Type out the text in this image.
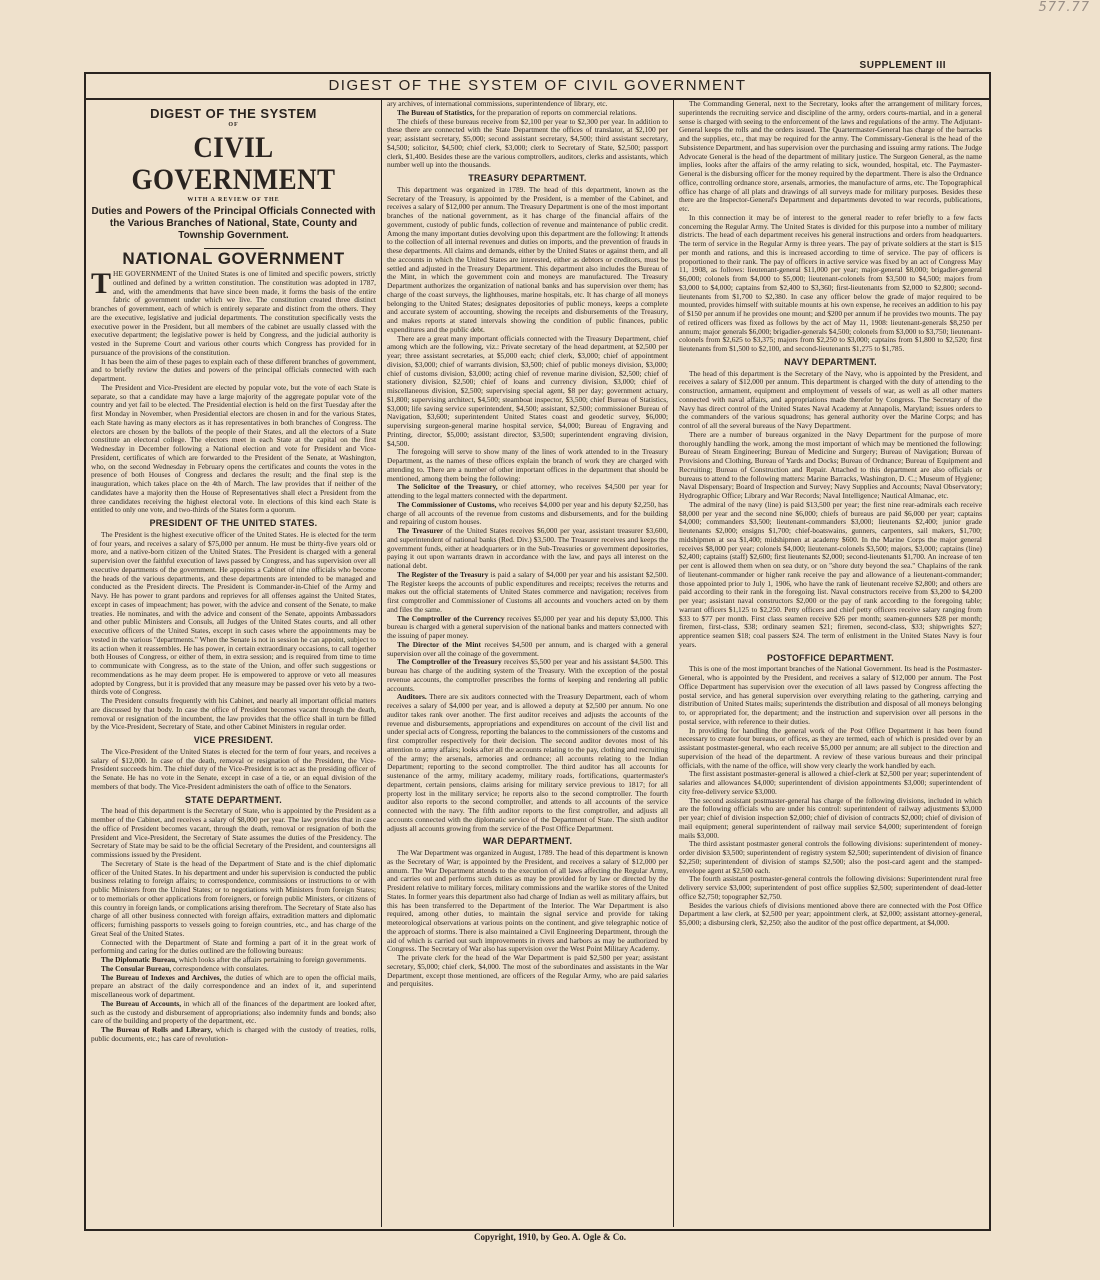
577.77
SUPPLEMENT III
DIGEST OF THE SYSTEM OF CIVIL GOVERNMENT
DIGEST OF THE SYSTEM
OF
CIVIL GOVERNMENT
WITH A REVIEW OF THE
Duties and Powers of the Principal Officials Connected with the Various Branches of National, State, County and Township Government.
NATIONAL GOVERNMENT

THE GOVERNMENT of the United States is one of limited and specific powers, strictly outlined and defined by a written constitution. The constitution was adopted in 1787, and, with the amendments that have since been made, it forms the basis of the entire fabric of government under which we live. The constitution created three distinct branches of government, each of which is entirely separate and distinct from the others. They are the executive, legislative and judicial departments. The constitution specifically vests the executive power in the President, but all members of the cabinet are usually classed with the executive department; the legislative power is held by Congress, and the judicial authority is vested in the Supreme Court and various other courts which Congress has provided for in pursuance of the provisions of the constitution.

It has been the aim of these pages to explain each of these different branches of government, and to briefly review the duties and powers of the principal officials connected with each department.

The President and Vice-President are elected by popular vote, but the vote of each State is separate, so that a candidate may have a large majority of the aggregate popular vote of the country and yet fail to be elected. The Presidential election is held on the first Tuesday after the first Monday in November, when Presidential electors are chosen in and for the various States, each State having as many electors as it has representatives in both branches of Congress. The electors are chosen by the ballots of the people of their States, and all the electors of a State constitute an electoral college. The electors meet in each State at the capital on the first Wednesday in December following a National election and vote for President and Vice-President, certificates of which are forwarded to the President of the Senate, at Washington, who, on the second Wednesday in February opens the certificates and counts the votes in the presence of both Houses of Congress and declares the result; and the final step is the inauguration, which takes place on the 4th of March. The law provides that if neither of the candidates have a majority then the House of Representatives shall elect a President from the three candidates receiving the highest electoral vote. In elections of this kind each State is entitled to only one vote, and two-thirds of the States form a quorum.

PRESIDENT OF THE UNITED STATES.

The President is the highest executive officer of the United States. He is elected for the term of four years, and receives a salary of $75,000 per annum. He must be thirty-five years old or more, and a native-born citizen of the United States. The President is charged with a general supervision over the faithful execution of laws passed by Congress, and has supervision over all executive departments of the government. He appoints a Cabinet of nine officials who become the heads of the various departments, and these departments are intended to be managed and conducted as the President directs. The President is Commander-in-Chief of the Army and Navy. He has power to grant pardons and reprieves for all offenses against the United States, except in cases of impeachment; has power, with the advice and consent of the Senate, to make treaties. He nominates, and with the advice and consent of the Senate, appoints Ambassadors and other public Ministers and Consuls, all Judges of the United States courts, and all other executive officers of the United States, except in such cases where the appointments may be vested in the various "departments." When the Senate is not in session he can appoint, subject to its action when it reassembles. He has power, in certain extraordinary occasions, to call together both Houses of Congress, or either of them, in extra session; and is required from time to time to communicate with Congress, as to the state of the Union, and offer such suggestions or recommendations as he may deem proper. He is empowered to approve or veto all measures adopted by Congress, but it is provided that any measure may be passed over his veto by a two-thirds vote of Congress.

The President consults frequently with his Cabinet, and nearly all important official matters are discussed by that body. In case the office of President becomes vacant through the death, removal or resignation of the incumbent, the law provides that the office shall in turn be filled by the Vice-President, Secretary of State, and other Cabinet Ministers in regular order.

VICE PRESIDENT.

The Vice-President of the United States is elected for the term of four years, and receives a salary of $12,000. In case of the death, removal or resignation of the President, the Vice-President succeeds him. The chief duty of the Vice-President is to act as the presiding officer of the Senate. He has no vote in the Senate, except in case of a tie, or an equal division of the members of that body. The Vice-President administers the oath of office to the Senators.

STATE DEPARTMENT.

The head of this department is the Secretary of State, who is appointed by the President as a member of the Cabinet, and receives a salary of $8,000 per year. The law provides that in case the office of President becomes vacant, through the death, removal or resignation of both the President and Vice-President, the Secretary of State assumes the duties of the Presidency. The Secretary of State may be said to be the official Secretary of the President, and countersigns all commissions issued by the President.

The Secretary of State is the head of the Department of State and is the chief diplomatic officer of the United States. In his department and under his supervision is conducted the public business relating to foreign affairs; to correspondence, commissions or instructions to or with public Ministers from the United States; or to negotiations with Ministers from foreign States; or to memorials or other applications from foreigners, or foreign public Ministers, or citizens of this country in foreign lands, or complications arising therefrom. The Secretary of State also has charge of all other business connected with foreign affairs, extradition matters and diplomatic officers; furnishing passports to vessels going to foreign countries, etc., and has charge of the Great Seal of the United States.

Connected with the Department of State and forming a part of it in the great work of performing and caring for the duties outlined are the following bureaus:

The Diplomatic Bureau, which looks after the affairs pertaining to foreign governments.

The Consular Bureau, correspondence with consulates.

The Bureau of Indexes and Archives, the duties of which are to open the official mails, prepare an abstract of the daily correspondence and an index of it, and superintend miscellaneous work of department.

The Bureau of Accounts, in which all of the finances of the department are looked after, such as the custody and disbursement of appropriations; also indemnity funds and bonds; also care of the building and property of the department, etc.

The Bureau of Rolls and Library, which is charged with the custody of treaties, rolls, public documents, etc.; has care of revolution-

ary archives, of international commissions, superintendence of library, etc.

The Bureau of Statistics, for the preparation of reports on commercial relations.

The chiefs of these bureaus receive from $2,100 per year to $2,300 per year. In addition to these there are connected with the State Department the offices of translator, at $2,100 per year; assistant secretary, $5,000; second assistant secretary, $4,500; third assistant secretary, $4,500; solicitor, $4,500; chief clerk, $3,000; clerk to Secretary of State, $2,500; passport clerk, $1,400. Besides these are the various comptrollers, auditors, clerks and assistants, which number well up into the thousands.

TREASURY DEPARTMENT.

This department was organized in 1789. The head of this department, known as the Secretary of the Treasury, is appointed by the President, is a member of the Cabinet, and receives a salary of $12,000 per annum. The Treasury Department is one of the most important branches of the national government, as it has charge of the financial affairs of the government, custody of public funds, collection of revenue and maintenance of public credit. Among the many important duties devolving upon this department are the following: It attends to the collection of all internal revenues and duties on imports, and the prevention of frauds in these departments. All claims and demands, either by the United States or against them, and all the accounts in which the United States are interested, either as debtors or creditors, must be settled and adjusted in the Treasury Department. This department also includes the Bureau of the Mint, in which the government coin and moneys are manufactured. The Treasury Department authorizes the organization of national banks and has supervision over them; has charge of the coast surveys, the lighthouses, marine hospitals, etc. It has charge of all moneys belonging to the United States; designates depositories of public moneys, keeps a complete and accurate system of accounting, showing the receipts and disbursements of the Treasury, and makes reports at stated intervals showing the condition of public finances, public expenditures and the public debt.

There are a great many important officials connected with the Treasury Department, chief among which are the following, viz.: Private secretary of the head department, at $2,500 per year; three assistant secretaries, at $5,000 each; chief clerk, $3,000; chief of appointment division, $3,000; chief of warrants division, $3,500; chief of public moneys division, $3,000; chief of customs division, $3,000; acting chief of revenue marine division, $2,500; chief of stationery division, $2,500; chief of loans and currency division, $3,000; chief of miscellaneous division, $2,500; supervising special agent, $8 per day; government actuary, $1,800; supervising architect, $4,500; steamboat inspector, $3,500; chief Bureau of Statistics, $3,000; life saving service superintendent, $4,500; assistant, $2,500; commissioner Bureau of Navigation, $3,600; superintendent United States coast and geodetic survey, $6,000; supervising surgeon-general marine hospital service, $4,000; Bureau of Engraving and Printing, director, $5,000; assistant director, $3,500; superintendent engraving division, $4,500.

The foregoing will serve to show many of the lines of work attended to in the Treasury Department, as the names of these offices explain the branch of work they are charged with attending to. There are a number of other important offices in the department that should be mentioned, among them being the following:

The Solicitor of the Treasury, or chief attorney, who receives $4,500 per year for attending to the legal matters connected with the department.

The Commissioner of Customs, who receives $4,000 per year and his deputy $2,250, has charge of all accounts of the revenue from customs and disbursements, and for the building and repairing of custom houses.

The Treasurer of the United States receives $6,000 per year, assistant treasurer $3,600, and superintendent of national banks (Red. Div.) $3,500. The Treasurer receives and keeps the government funds, either at headquarters or in the Sub-Treasuries or government depositories, paying it out upon warrants drawn in accordance with the law, and pays all interest on the national debt.

The Register of the Treasury is paid a salary of $4,000 per year and his assistant $2,500. The Register keeps the accounts of public expenditures and receipts; receives the returns and makes out the official statements of United States commerce and navigation; receives from first comptroller and Commissioner of Customs all accounts and vouchers acted on by them and files the same.

The Comptroller of the Currency receives $5,000 per year and his deputy $3,000. This bureau is charged with a general supervision of the national banks and matters connected with the issuing of paper money.

The Director of the Mint receives $4,500 per annum, and is charged with a general supervision over all the coinage of the government.

The Comptroller of the Treasury receives $5,500 per year and his assistant $4,500. This bureau has charge of the auditing system of the Treasury. With the exception of the postal revenue accounts, the comptroller prescribes the forms of keeping and rendering all public accounts.

Auditors. There are six auditors connected with the Treasury Department, each of whom receives a salary of $4,000 per year, and is allowed a deputy at $2,500 per annum. No one auditor takes rank over another. The first auditor receives and adjusts the accounts of the revenue and disbursements, appropriations and expenditures on account of the civil list and under special acts of Congress, reporting the balances to the commissioners of the customs and first comptroller respectively for their decision. The second auditor devotes most of his attention to army affairs; looks after all the accounts relating to the pay, clothing and recruiting of the army; the arsenals, armories and ordnance; all accounts relating to the Indian Department; reporting to the second comptroller. The third auditor has all accounts for sustenance of the army, military academy, military roads, fortifications, quartermaster's department, certain pensions, claims arising for military service previous to 1817; for all property lost in the military service; he reports also to the second comptroller. The fourth auditor also reports to the second comptroller, and attends to all accounts of the service connected with the navy. The fifth auditor reports to the first comptroller, and adjusts all accounts connected with the diplomatic service of the Department of State. The sixth auditor adjusts all accounts growing from the service of the Post Office Department.

WAR DEPARTMENT.

The War Department was organized in August, 1789. The head of this department is known as the Secretary of War; is appointed by the President, and receives a salary of $12,000 per annum. The War Department attends to the execution of all laws affecting the Regular Army, and carries out and performs such duties as may be provided for by law or directed by the President relative to military forces, military commissions and the warlike stores of the United States. In former years this department also had charge of Indian as well as military affairs, but this has been transferred to the Department of the Interior. The War Department is also required, among other duties, to maintain the signal service and provide for taking meteorological observations at various points on the continent, and give telegraphic notice of the approach of storms. There is also maintained a Civil Engineering Department, through the aid of which is carried out such improvements in rivers and harbors as may be authorized by Congress. The Secretary of War also has supervision over the West Point Military Academy.

The private clerk for the head of the War Department is paid $2,500 per year; assistant secretary, $5,000; chief clerk, $4,000. The most of the subordinates and assistants in the War Department, except those mentioned, are officers of the Regular Army, who are paid salaries and perquisites.

The Commanding General, next to the Secretary, looks after the arrangement of military forces, superintends the recruiting service and discipline of the army, orders courts-martial, and in a general sense is charged with seeing to the enforcement of the laws and regulations of the army. The Adjutant-General keeps the rolls and the orders issued. The Quartermaster-General has charge of the barracks and the supplies, etc., that may be required for the army. The Commissary-General is the head of the Subsistence Department, and has supervision over the purchasing and issuing army rations. The Judge Advocate General is the head of the department of military justice. The Surgeon General, as the name implies, looks after the affairs of the army relating to sick, wounded, hospital, etc. The Paymaster-General is the disbursing officer for the money required by the department. There is also the Ordnance office, controlling ordnance store, arsenals, armories, the manufacture of arms, etc. The Topographical office has charge of all plats and drawings of all surveys made for military purposes. Besides these there are the Inspector-General's Department and departments devoted to war records, publications, etc.

In this connection it may be of interest to the general reader to refer briefly to a few facts concerning the Regular Army. The United States is divided for this purpose into a number of military districts. The head of each department receives his general instructions and orders from headquarters. The term of service in the Regular Army is three years. The pay of private soldiers at the start is $15 per month and rations, and this is increased according to time of service. The pay of officers is proportioned to their rank. The pay of officers in active service was fixed by an act of Congress May 11, 1908, as follows: lieutenant-general $11,000 per year; major-general $8,000; brigadier-general $6,000; colonels from $4,000 to $5,000; lieutenant-colonels from $3,500 to $4,500; majors from $3,000 to $4,000; captains from $2,400 to $3,360; first-lieutenants from $2,000 to $2,800; second-lieutenants from $1,700 to $2,380. In case any officer below the grade of major required to be mounted, provides himself with suitable mounts at his own expense, he receives an addition to his pay of $150 per annum if he provides one mount; and $200 per annum if he provides two mounts. The pay of retired officers was fixed as follows by the act of May 11, 1908: lieutenant-generals $8,250 per annum; major generals $6,000; brigadier-generals $4,500; colonels from $3,000 to $3,750; lieutenant-colonels from $2,625 to $3,375; majors from $2,250 to $3,000; captains from $1,800 to $2,520; first lieutenants from $1,500 to $2,100, and second-lieutenants $1,275 to $1,785.

NAVY DEPARTMENT.

The head of this department is the Secretary of the Navy, who is appointed by the President, and receives a salary of $12,000 per annum. This department is charged with the duty of attending to the construction, armament, equipment and employment of vessels of war, as well as all other matters connected with naval affairs, and appropriations made therefor by Congress. The Secretary of the Navy has direct control of the United States Naval Academy at Annapolis, Maryland; issues orders to the commanders of the various squadrons; has general authority over the Marine Corps; and has control of all the several bureaus of the Navy Department.

There are a number of bureaus organized in the Navy Department for the purpose of more thoroughly handling the work, among the most important of which may be mentioned the following: Bureau of Steam Engineering; Bureau of Medicine and Surgery; Bureau of Navigation; Bureau of Provisions and Clothing, Bureau of Yards and Docks; Bureau of Ordnance; Bureau of Equipment and Recruiting; Bureau of Construction and Repair. Attached to this department are also officials or bureaus to attend to the following matters: Marine Barracks, Washington, D. C.; Museum of Hygiene; Naval Dispensary; Board of Inspection and Survey; Navy Supplies and Accounts; Naval Observatory; Hydrographic Office; Library and War Records; Naval Intelligence; Nautical Almanac, etc.

The admiral of the navy (line) is paid $13,500 per year; the first nine rear-admirals each receive $8,000 per year and the second nine $6,000; chiefs of bureaus are paid $6,000 per year; captains $4,000; commanders $3,500; lieutenant-commanders $3,000; lieutenants $2,400; junior grade lieutenants $2,000; ensigns $1,700; chief-boatswains, gunners, carpenters, sail makers, $1,700; midshipmen at sea $1,400; midshipmen at academy $600. In the Marine Corps the major general receives $8,000 per year; colonels $4,000; lieutenant-colonels $3,500; majors, $3,000; captains (line) $2,400; captains (staff) $2,600; first lieutenants $2,000; second-lieutenants $1,700. An increase of ten per cent is allowed them when on sea duty, or on "shore duty beyond the sea." Chaplains of the rank of lieutenant-commander or higher rank receive the pay and allowance of a lieutenant-commander; those appointed prior to July 1, 1906, who have the rank of lieutenant receive $2,800; and others are paid according to their rank in the foregoing list. Naval constructors receive from $3,200 to $4,200 per year; assistant naval constructors $2,000 or the pay of rank according to the foregoing table; warrant officers $1,125 to $2,250. Petty officers and chief petty officers receive salary ranging from $33 to $77 per month. First class seamen receive $26 per month; seamen-gunners $28 per month; firemen, first-class, $38; ordinary seamen $21; firemen, second-class, $33; shipwrights $27; apprentice seamen $18; coal passers $24. The term of enlistment in the United States Navy is four years.

POSTOFFICE DEPARTMENT.

This is one of the most important branches of the National Government. Its head is the Postmaster-General, who is appointed by the President, and receives a salary of $12,000 per annum. The Post Office Department has supervision over the execution of all laws passed by Congress affecting the postal service, and has general supervision over everything relating to the gathering, carrying and distribution of United States mails; superintends the distribution and disposal of all moneys belonging to, or appropriated for, the department; and the instruction and supervision over all persons in the postal service, with reference to their duties.

In providing for handling the general work of the Post Office Department it has been found necessary to create four bureaus, or offices, as they are termed, each of which is presided over by an assistant postmaster-general, who each receive $5,000 per annum; are all subject to the direction and supervision of the head of the department. A review of these various bureaus and their principal officials, with the name of the office, will show very clearly the work handled by each.

The first assistant postmaster-general is allowed a chief-clerk at $2,500 per year; superintendent of salaries and allowances $4,000; superintendent of division appointments $3,000; superintendent of city free-delivery service $3,000.

The second assistant postmaster-general has charge of the following divisions, included in which are the following officials who are under his control: superintendent of railway adjustments $3,000 per year; chief of division inspection $2,000; chief of division of contracts $2,000; chief of division of mail equipment; general superintendent of railway mail service $4,000; superintendent of foreign mails $3,000.

The third assistant postmaster general controls the following divisions: superintendent of money-order division $3,500; superintendent of registry system $2,500; superintendent of division of finance $2,250; superintendent of division of stamps $2,500; also the post-card agent and the stamped-envelope agent at $2,500 each.

The fourth assistant postmaster-general controls the following divisions: Superintendent rural free delivery service $3,000; superintendent of post office supplies $2,500; superintendent of dead-letter office $2,750; topographer $2,750.

Besides the various chiefs of divisions mentioned above there are connected with the Post Office Department a law clerk, at $2,500 per year; appointment clerk, at $2,000; assistant attorney-general, $5,000; a disbursing clerk, $2,250; also the auditor of the post office department, at $4,000.

Copyright, 1910, by Geo. A. Ogle & Co.
